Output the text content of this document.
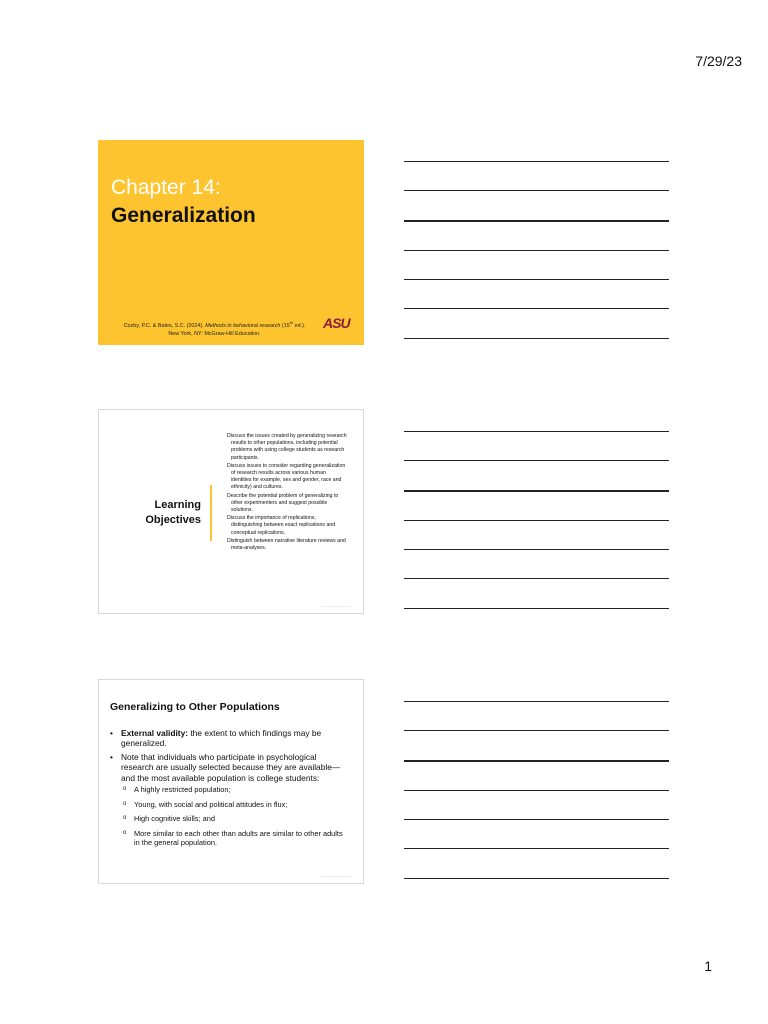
7/29/23
Chapter 14:
Generalization
Cozby, P.C. & Bates, S.C. (2024). Methods in behavioral research (15th ed.).
New York, NY: McGraw-Hill Education.
ASU
Learning
Objectives
Discuss the issues created by generalizing research results to other populations, including potential problems with using college students as research participants.
Discuss issues to consider regarding generalization of research results across various human identities for example, sex and gender, race and ethnicity) and cultures.
Describe the potential problem of generalizing to other experimenters and suggest possible solutions.
Discuss the importance of replications, distinguishing between exact replications and conceptual replications.
Distinguish between narrative literature reviews and meta-analyses.
Generalizing to Other Populations
• External validity: the extent to which findings may be generalized.
• Note that individuals who participate in psychological research are usually selected because they are available—and the most available population is college students:
o A highly restricted population;
o Young, with social and political attitudes in flux;
o High cognitive skills; and
o More similar to each other than adults are similar to other adults in the general population.
1
